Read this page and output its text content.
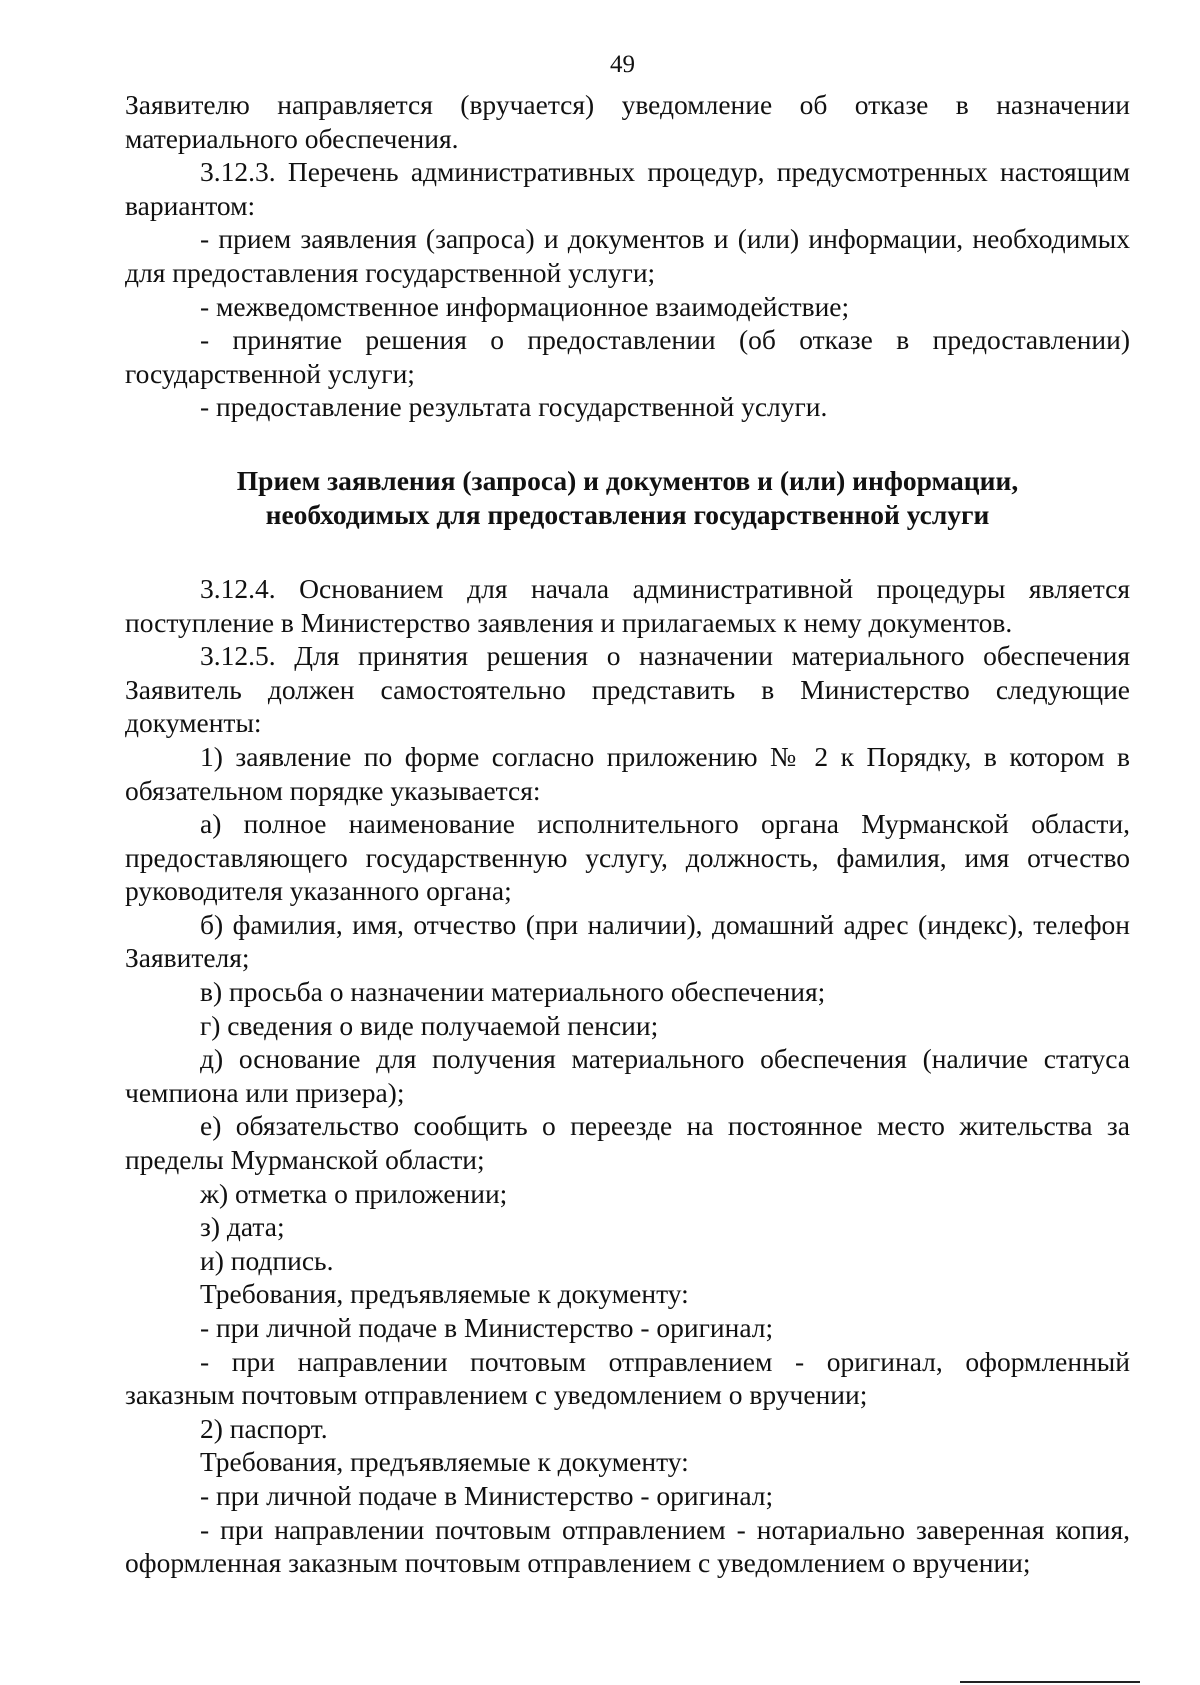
49

Заявителю направляется (вручается) уведомление об отказе в назначении материального обеспечения.

3.12.3. Перечень административных процедур, предусмотренных настоящим вариантом:

- прием заявления (запроса) и документов и (или) информации, необходимых для предоставления государственной услуги;

- межведомственное информационное взаимодействие;

- принятие решения о предоставлении (об отказе в предоставлении) государственной услуги;

- предоставление результата государственной услуги.

Прием заявления (запроса) и документов и (или) информации,
необходимых для предоставления государственной услуги

3.12.4. Основанием для начала административной процедуры является поступление в Министерство заявления и прилагаемых к нему документов.

3.12.5. Для принятия решения о назначении материального обеспечения Заявитель должен самостоятельно представить в Министерство следующие документы:

1) заявление по форме согласно приложению № 2 к Порядку, в котором в обязательном порядке указывается:

а) полное наименование исполнительного органа Мурманской области, предоставляющего государственную услугу, должность, фамилия, имя отчество руководителя указанного органа;

б) фамилия, имя, отчество (при наличии), домашний адрес (индекс), телефон Заявителя;

в) просьба о назначении материального обеспечения;

г) сведения о виде получаемой пенсии;

д) основание для получения материального обеспечения (наличие статуса чемпиона или призера);

е) обязательство сообщить о переезде на постоянное место жительства за пределы Мурманской области;

ж) отметка о приложении;

з) дата;

и) подпись.

Требования, предъявляемые к документу:

- при личной подаче в Министерство - оригинал;

- при направлении почтовым отправлением - оригинал, оформленный заказным почтовым отправлением с уведомлением о вручении;

2) паспорт.

Требования, предъявляемые к документу:

- при личной подаче в Министерство - оригинал;

- при направлении почтовым отправлением - нотариально заверенная копия, оформленная заказным почтовым отправлением с уведомлением о вручении;
